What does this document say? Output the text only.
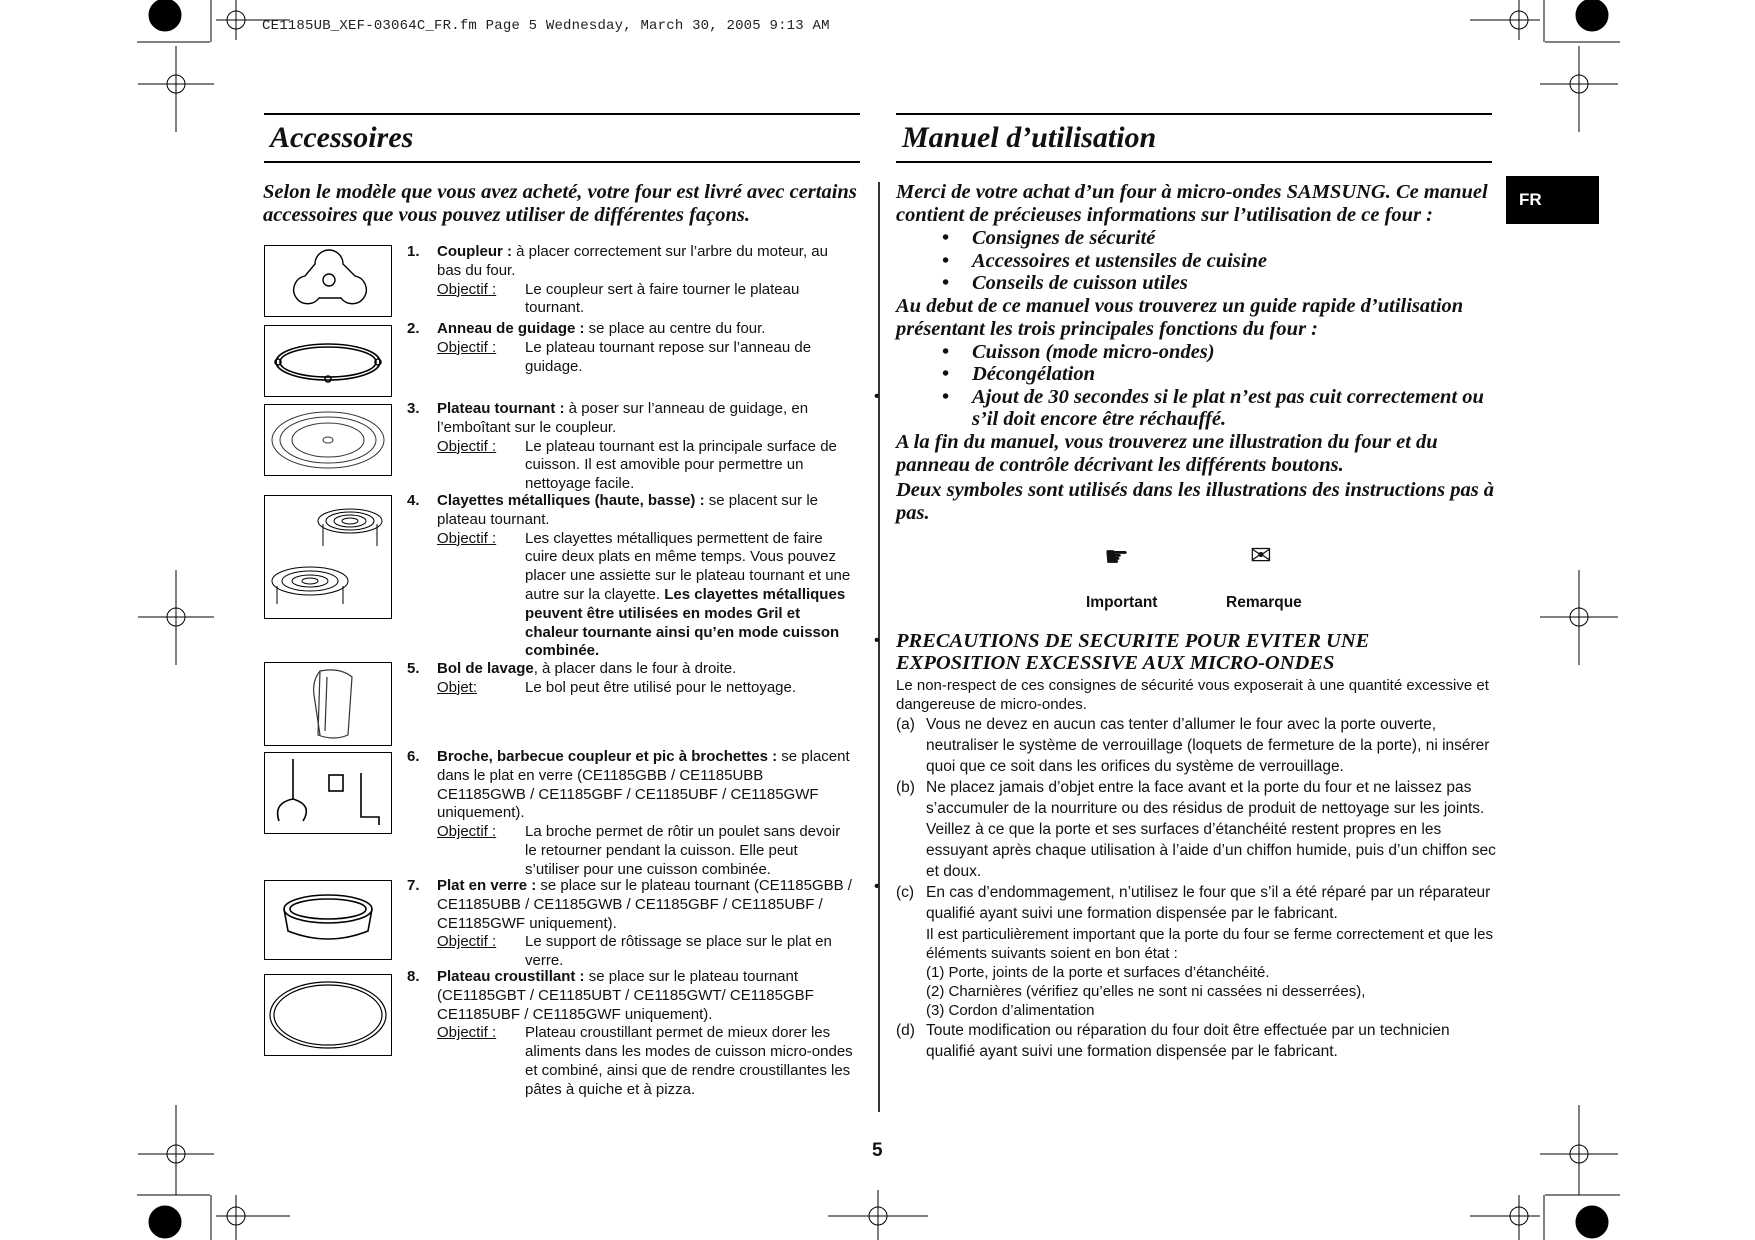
CE1185UB_XEF-03064C_FR.fm Page 5 Wednesday, March 30, 2005 9:13 AM
Accessoires
Selon le modèle que vous avez acheté, votre four est livré avec certains accessoires que vous pouvez utiliser de différentes façons.
1. Coupleur : à placer correctement sur l’arbre du moteur, au bas du four.
Objectif :	Le coupleur sert à faire tourner le plateau tournant.
2. Anneau de guidage : se place au centre du four.
Objectif :	Le plateau tournant repose sur l’anneau de guidage.
3. Plateau tournant : à poser sur l’anneau de guidage, en l’emboîtant sur le coupleur.
Objectif :	Le plateau tournant est la principale surface de cuisson. Il est amovible pour permettre un nettoyage facile.
4. Clayettes métalliques (haute, basse) : se placent sur le plateau tournant.
Objectif :	Les clayettes métalliques permettent de faire cuire deux plats en même temps. Vous pouvez placer une assiette sur le plateau tournant et une autre sur la clayette. Les clayettes métalliques peuvent être utilisées en modes Gril et chaleur tournante ainsi qu’en mode cuisson combinée.
5. Bol de lavage, à placer dans le four à droite.
Objet:	Le bol peut être utilisé pour le nettoyage.
6. Broche, barbecue coupleur et pic à brochettes : se placent dans le plat en verre (CE1185GBB / CE1185UBB CE1185GWB / CE1185GBF / CE1185UBF / CE1185GWF uniquement).
Objectif :	La broche permet de rôtir un poulet sans devoir le retourner pendant la cuisson. Elle peut s’utiliser pour une cuisson combinée.
7. Plat en verre : se place sur le plateau tournant (CE1185GBB / CE1185UBB / CE1185GWB / CE1185GBF / CE1185UBF / CE1185GWF uniquement).
Objectif :	Le support de rôtissage se place sur le plat en verre.
8. Plateau croustillant : se place sur le plateau tournant (CE1185GBT / CE1185UBT / CE1185GWT/ CE1185GBF CE1185UBF / CE1185GWF uniquement).
Objectif :	Plateau croustillant permet de mieux dorer les aliments dans les modes de cuisson micro-ondes et combiné, ainsi que de rendre croustillantes les pâtes à quiche et à pizza.
•
•
•
Manuel d’utilisation
FR
Merci de votre achat d’un four à micro-ondes SAMSUNG. Ce manuel contient de précieuses informations sur l’utilisation de ce four :
• Consignes de sécurité
• Accessoires et ustensiles de cuisine
• Conseils de cuisson utiles
Au debut de ce manuel vous trouverez un guide rapide d’utilisation présentant les trois principales fonctions du four :
• Cuisson (mode micro-ondes)
• Décongélation
• Ajout de 30 secondes si le plat n’est pas cuit correctement ou s’il doit encore être réchauffé.
A la fin du manuel, vous trouverez une illustration du four et du panneau de contrôle décrivant les différents boutons.
Deux symboles sont utilisés dans les illustrations des instructions pas à pas.
☛	✉
Important	Remarque
PRECAUTIONS DE SECURITE POUR EVITER UNE EXPOSITION EXCESSIVE AUX MICRO-ONDES
Le non-respect de ces consignes de sécurité vous exposerait à une quantité excessive et dangereuse de micro-ondes.
(a) Vous ne devez en aucun cas tenter d’allumer le four avec la porte ouverte, neutraliser le système de verrouillage (loquets de fermeture de la porte), ni insérer quoi que ce soit dans les orifices du système de verrouillage.
(b) Ne placez jamais d’objet entre la face avant et la porte du four et ne laissez pas s’accumuler de la nourriture ou des résidus de produit de nettoyage sur les joints. Veillez à ce que la porte et ses surfaces d’étanchéité restent propres en les essuyant après chaque utilisation à l’aide d’un chiffon humide, puis d’un chiffon sec et doux.
(c) En cas d’endommagement, n’utilisez le four que s’il a été réparé par un réparateur qualifié ayant suivi une formation dispensée par le fabricant.
Il est particulièrement important que la porte du four se ferme correctement et que les éléments suivants soient en bon état :
(1) Porte, joints de la porte et surfaces d’étanchéité.
(2) Charnières (vérifiez qu’elles ne sont ni cassées ni desserrées),
(3) Cordon d’alimentation
(d) Toute modification ou réparation du four doit être effectuée par un technicien qualifié ayant suivi une formation dispensée par le fabricant.
5
